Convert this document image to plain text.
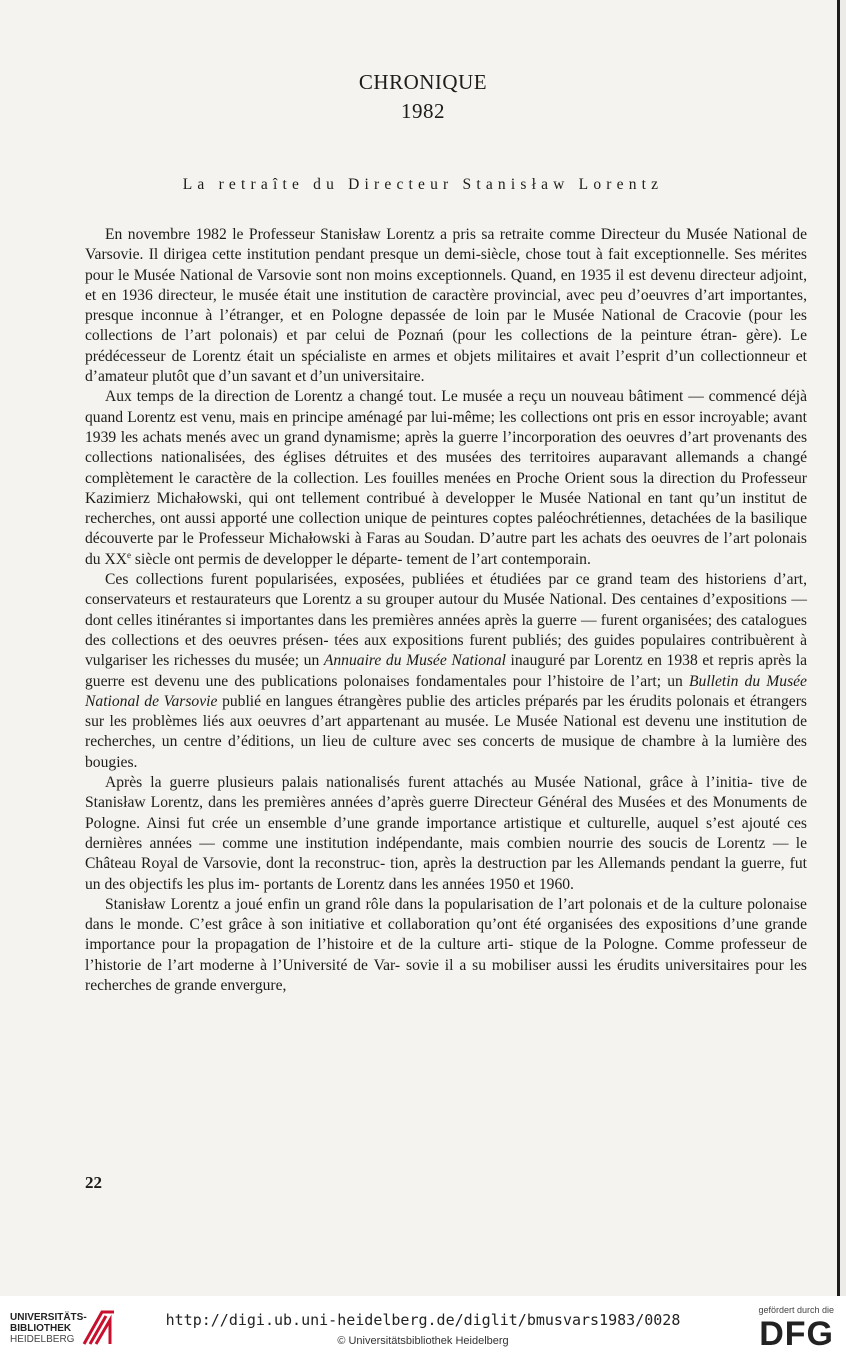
CHRONIQUE
1982
La retraîte du Directeur Stanisław Lorentz

En novembre 1982 le Professeur Stanisław Lorentz a pris sa retraite comme Directeur du Musée National de Varsovie. Il dirigea cette institution pendant presque un demi-siècle, chose tout à fait exceptionnelle. Ses mérites pour le Musée National de Varsovie sont non moins exceptionnels. Quand, en 1935 il est devenu directeur adjoint, et en 1936 directeur, le musée était une institution de caractère provincial, avec peu d’oeuvres d’art importantes, presque inconnue à l’étranger, et en Pologne depassée de loin par le Musée National de Cracovie (pour les collections de l’art polonais) et par celui de Poznań (pour les collections de la peinture étran- gère). Le prédécesseur de Lorentz était un spécialiste en armes et objets militaires et avait l’esprit d’un collectionneur et d’amateur plutôt que d’un savant et d’un universitaire.

Aux temps de la direction de Lorentz a changé tout. Le musée a reçu un nouveau bâtiment — commencé déjà quand Lorentz est venu, mais en principe aménagé par lui-même; les collections ont pris en essor incroyable; avant 1939 les achats menés avec un grand dynamisme; après la guerre l’incorporation des oeuvres d’art provenants des collections nationalisées, des églises détruites et des musées des territoires auparavant allemands a changé complètement le caractère de la collection. Les fouilles menées en Proche Orient sous la direction du Professeur Kazimierz Michałowski, qui ont tellement contribué à developper le Musée National en tant qu’un institut de recherches, ont aussi apporté une collection unique de peintures coptes paléochrétiennes, detachées de la basilique découverte par le Professeur Michałowski à Faras au Soudan. D’autre part les achats des oeuvres de l’art polonais du XXe siècle ont permis de developper le départe- tement de l’art contemporain.

Ces collections furent popularisées, exposées, publiées et étudiées par ce grand team des historiens d’art, conservateurs et restaurateurs que Lorentz a su grouper autour du Musée National. Des centaines d’expositions — dont celles itinérantes si importantes dans les premières années après la guerre — furent organisées; des catalogues des collections et des oeuvres présen- tées aux expositions furent publiés; des guides populaires contribuèrent à vulgariser les richesses du musée; un Annuaire du Musée National inauguré par Lorentz en 1938 et repris après la guerre est devenu une des publications polonaises fondamentales pour l’histoire de l’art; un Bulletin du Musée National de Varsovie publié en langues étrangères publie des articles préparés par les érudits polonais et étrangers sur les problèmes liés aux oeuvres d’art appartenant au musée. Le Musée National est devenu une institution de recherches, un centre d’éditions, un lieu de culture avec ses concerts de musique de chambre à la lumière des bougies.

Après la guerre plusieurs palais nationalisés furent attachés au Musée National, grâce à l’initia- tive de Stanisław Lorentz, dans les premières années d’après guerre Directeur Général des Musées et des Monuments de Pologne. Ainsi fut crée un ensemble d’une grande importance artistique et culturelle, auquel s’est ajouté ces dernières années — comme une institution indépendante, mais combien nourrie des soucis de Lorentz — le Château Royal de Varsovie, dont la reconstruc- tion, après la destruction par les Allemands pendant la guerre, fut un des objectifs les plus im- portants de Lorentz dans les années 1950 et 1960.

Stanisław Lorentz a joué enfin un grand rôle dans la popularisation de l’art polonais et de la culture polonaise dans le monde. C’est grâce à son initiative et collaboration qu’ont été organisées des expositions d’une grande importance pour la propagation de l’histoire et de la culture arti- stique de la Pologne. Comme professeur de l’historie de l’art moderne à l’Université de Var- sovie il a su mobiliser aussi les érudits universitaires pour les recherches de grande envergure,

22
UNIVERSITÄTS-
BIBLIOTHEK
HEIDELBERG
http://digi.ub.uni-heidelberg.de/diglit/bmusvars1983/0028
© Universitätsbibliothek Heidelberg
gefördert durch die
DFG
